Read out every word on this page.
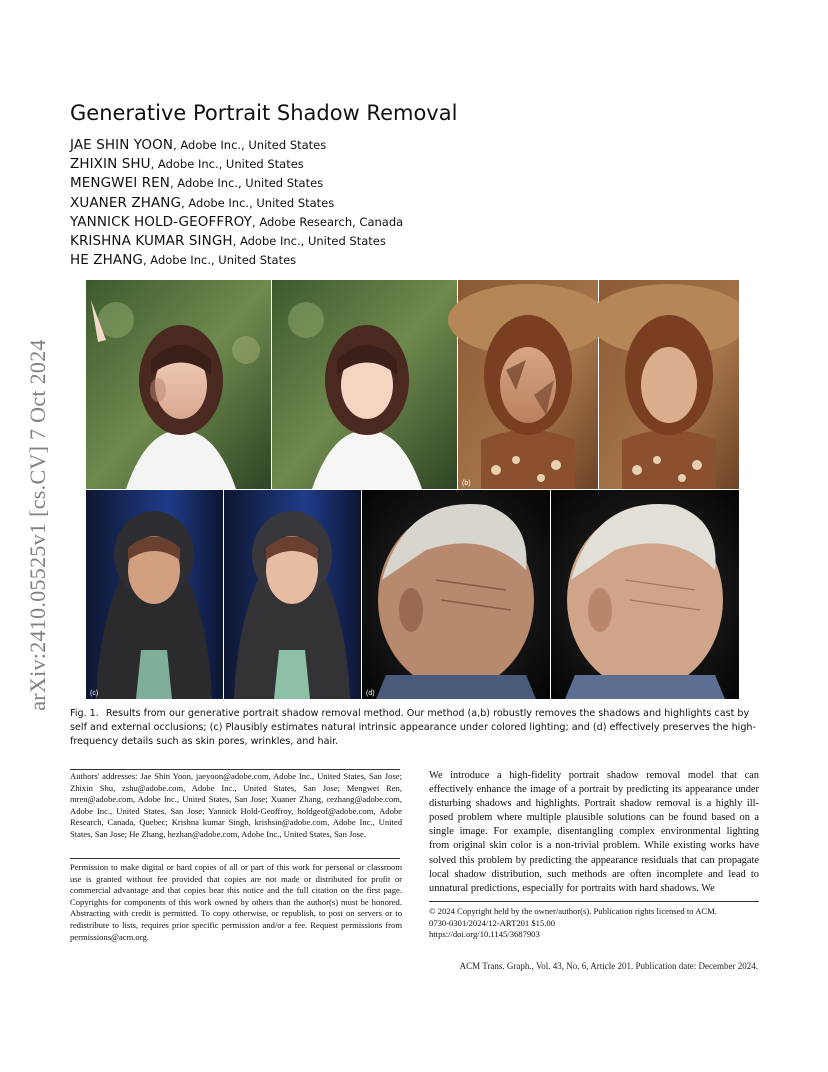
arXiv:2410.05525v1 [cs.CV] 7 Oct 2024
Generative Portrait Shadow Removal
JAE SHIN YOON, Adobe Inc., United States
ZHIXIN SHU, Adobe Inc., United States
MENGWEI REN, Adobe Inc., United States
XUANER ZHANG, Adobe Inc., United States
YANNICK HOLD-GEOFFROY, Adobe Research, Canada
KRISHNA KUMAR SINGH, Adobe Inc., United States
HE ZHANG, Adobe Inc., United States
(b)
(c)	(d)
Fig. 1. Results from our generative portrait shadow removal method. Our method (a,b) robustly removes the shadows and highlights cast by self and external occlusions; (c) Plausibly estimates natural intrinsic appearance under colored lighting; and (d) effectively preserves the high-frequency details such as skin pores, wrinkles, and hair.
Authors' addresses: Jae Shin Yoon, jaeyoon@adobe.com, Adobe Inc., United States, San Jose; Zhixin Shu, zshu@adobe.com, Adobe Inc., United States, San Jose; Mengwei Ren, mren@adobe.com, Adobe Inc., United States, San Jose; Xuaner Zhang, cezhang@adobe.com, Adobe Inc., United States, San Jose; Yannick Hold-Geoffroy, holdgeof@adobe.com, Adobe Research, Canada, Quebec; Krishna kumar Singh, krishsin@adobe.com, Adobe Inc., United States, San Jose; He Zhang, hezhan@adobe.com, Adobe Inc., United States, San Jose.
Permission to make digital or hard copies of all or part of this work for personal or classroom use is granted without fee provided that copies are not made or distributed for profit or commercial advantage and that copies bear this notice and the full citation on the first page. Copyrights for components of this work owned by others than the author(s) must be honored. Abstracting with credit is permitted. To copy otherwise, or republish, to post on servers or to redistribute to lists, requires prior specific permission and/or a fee. Request permissions from permissions@acm.org.
We introduce a high-fidelity portrait shadow removal model that can effectively enhance the image of a portrait by predicting its appearance under disturbing shadows and highlights. Portrait shadow removal is a highly ill-posed problem where multiple plausible solutions can be found based on a single image. For example, disentangling complex environmental lighting from original skin color is a non-trivial problem. While existing works have solved this problem by predicting the appearance residuals that can propagate local shadow distribution, such methods are often incomplete and lead to unnatural predictions, especially for portraits with hard shadows. We
© 2024 Copyright held by the owner/author(s). Publication rights licensed to ACM.
0730-0301/2024/12-ART201 $15.00
https://doi.org/10.1145/3687903
ACM Trans. Graph., Vol. 43, No. 6, Article 201. Publication date: December 2024.
